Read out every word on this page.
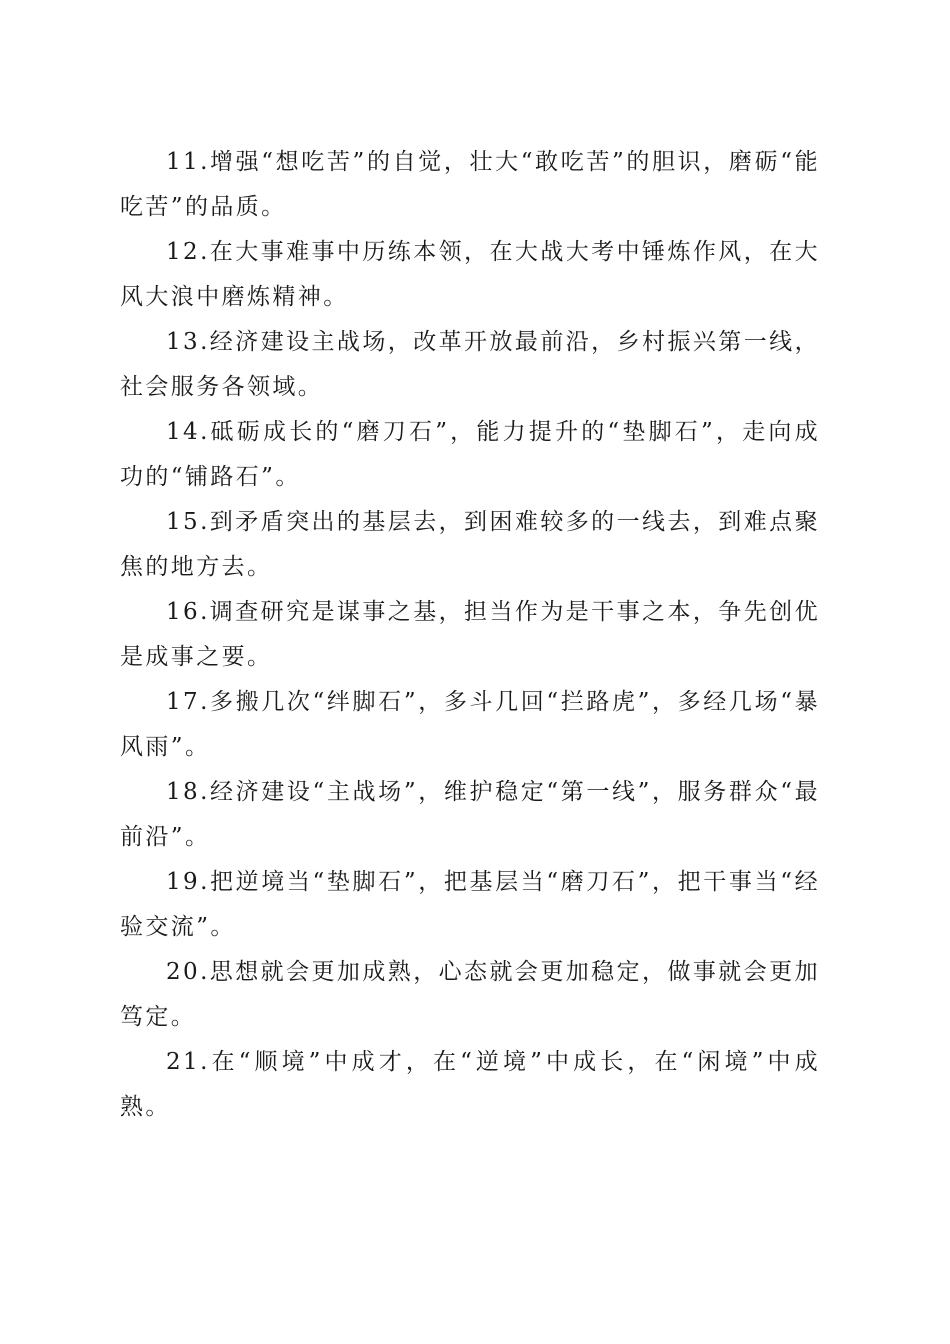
11.增强“想吃苦”的自觉，壮大“敢吃苦”的胆识，磨砺“能吃苦”的品质。

12.在大事难事中历练本领，在大战大考中锤炼作风，在大风大浪中磨炼精神。

13.经济建设主战场，改革开放最前沿，乡村振兴第一线，社会服务各领域。

14.砥砺成长的“磨刀石”，能力提升的“垫脚石”，走向成功的“铺路石”。

15.到矛盾突出的基层去，到困难较多的一线去，到难点聚焦的地方去。

16.调查研究是谋事之基，担当作为是干事之本，争先创优是成事之要。

17.多搬几次“绊脚石”，多斗几回“拦路虎”，多经几场“暴风雨”。

18.经济建设“主战场”，维护稳定“第一线”，服务群众“最前沿”。

19.把逆境当“垫脚石”，把基层当“磨刀石”，把干事当“经验交流”。

20.思想就会更加成熟，心态就会更加稳定，做事就会更加笃定。

21.在“顺境”中成才，在“逆境”中成长，在“闲境”中成熟。
